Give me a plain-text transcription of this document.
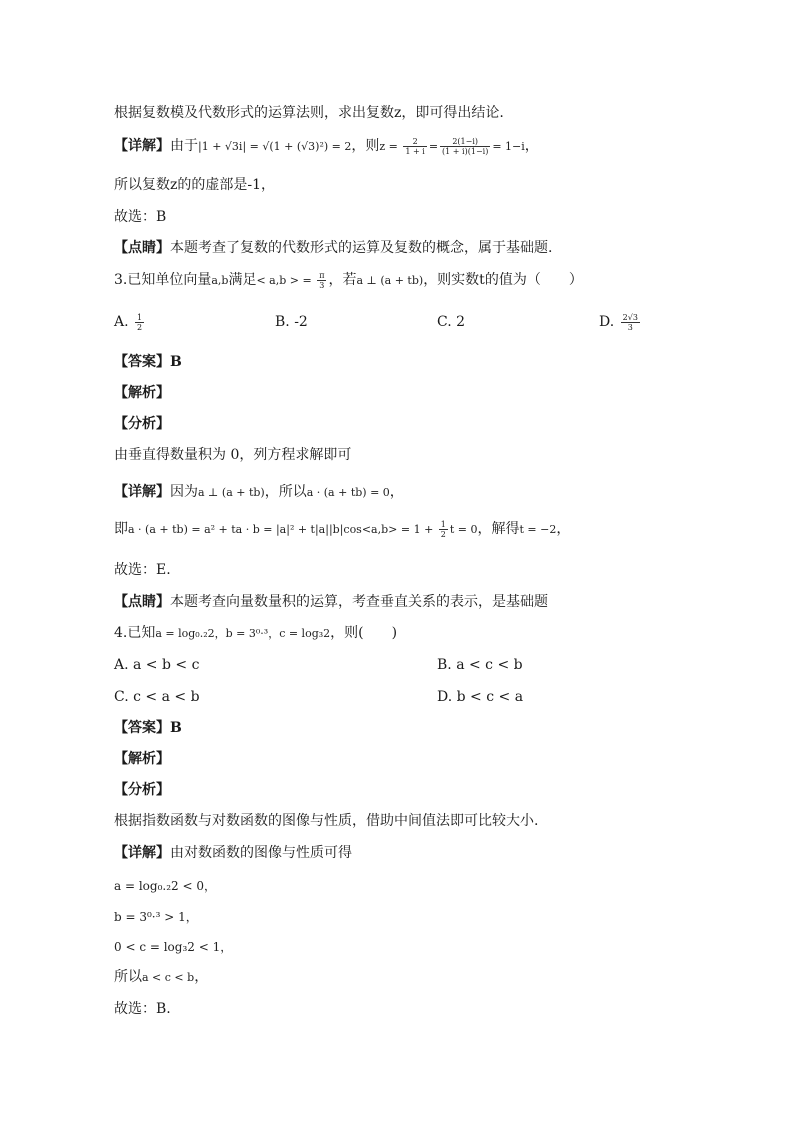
根据复数模及代数形式的运算法则，求出复数z，即可得出结论.
【详解】由于|1 + √3i| = √(1 + (√3)²) = 2，则$z = \frac{2}{1 + i} = \frac{2(1-i)}{(1 + i)(1-i)} = 1-i$，
所以复数z的的虚部是-1，
故选：B
【点睛】本题考查了复数的代数形式的运算及复数的概念，属于基础题.
3.已知单位向量a,b满足< a,b > = $\frac{\pi}{3}$ ，若a ⊥ (a + tb)，则实数t的值为（　　）
A. $\frac{1}{2}$	B. -2	C. 2	D. $\frac{2√3}{3}$
【答案】B
【解析】
【分析】
由垂直得数量积为 0，列方程求解即可
【详解】因为a ⊥ (a + tb)，所以a · (a + tb) = 0，
即a · (a + tb) = a² + ta · $b = |a|^2 + t|a||b|\cos<a,b> = 1 + \frac{1}{2}$ t = 0，解得t = −2，
故选：E.
【点睛】本题考查向量数量积的运算，考查垂直关系的表示，是基础题
4.已知a = log₀.₂2，b = 3⁰·³，c = log₃2，则(　　)
A. a < b < c	B. a < c < b
C. c < a < b	D. b < c < a
【答案】B
【解析】
【分析】
根据指数函数与对数函数的图像与性质，借助中间值法即可比较大小.
【详解】由对数函数的图像与性质可得
a = log₀.₂2 < 0，
b = 3⁰·³ > 1，
0 < c = log₃2 < 1，
所以a < c < b，
故选：B.
